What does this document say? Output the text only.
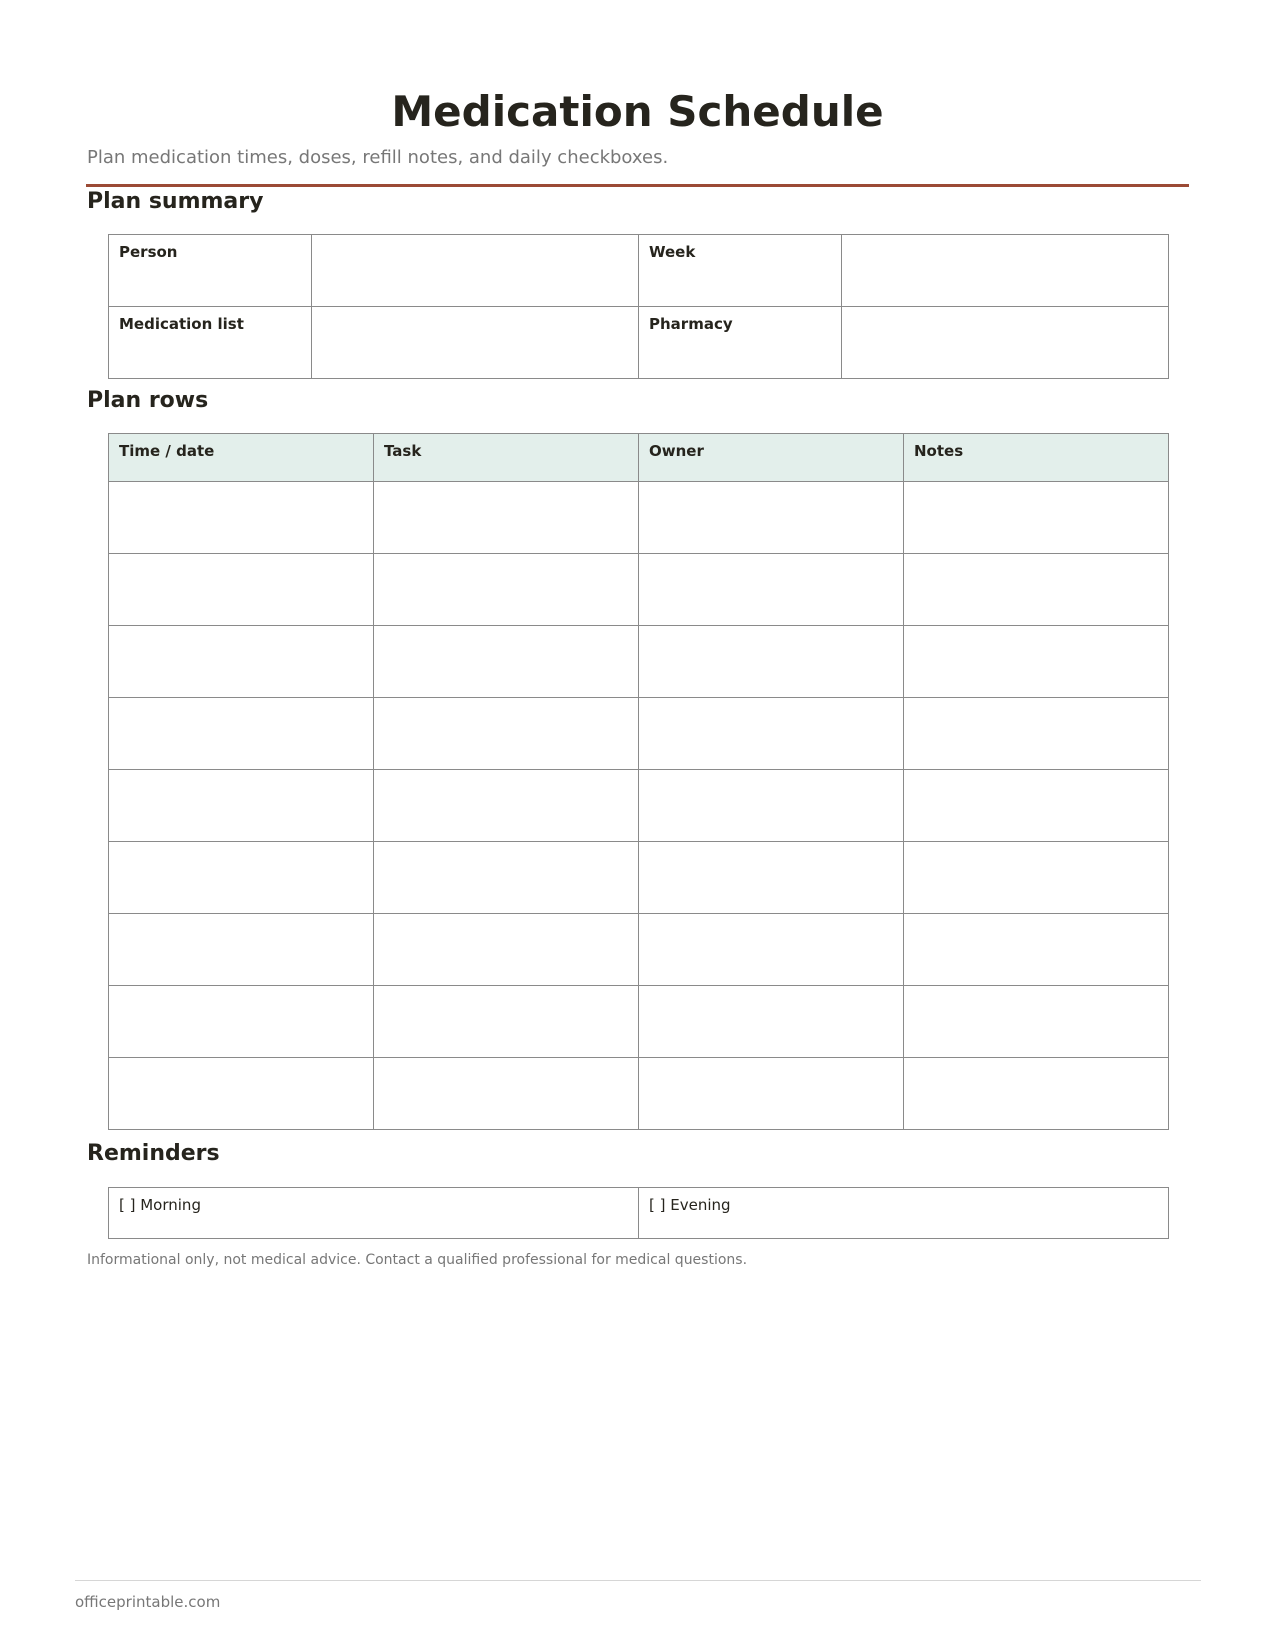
Medication Schedule

Plan medication times, doses, refill notes, and daily checkboxes.

Plan summary
Person		Week	
Medication list		Pharmacy	
Plan rows
Time / date	Task	Owner	Notes

Reminders
[ ] Morning	[ ] Evening

Informational only, not medical advice. Contact a qualified professional for medical questions.

officeprintable.com
